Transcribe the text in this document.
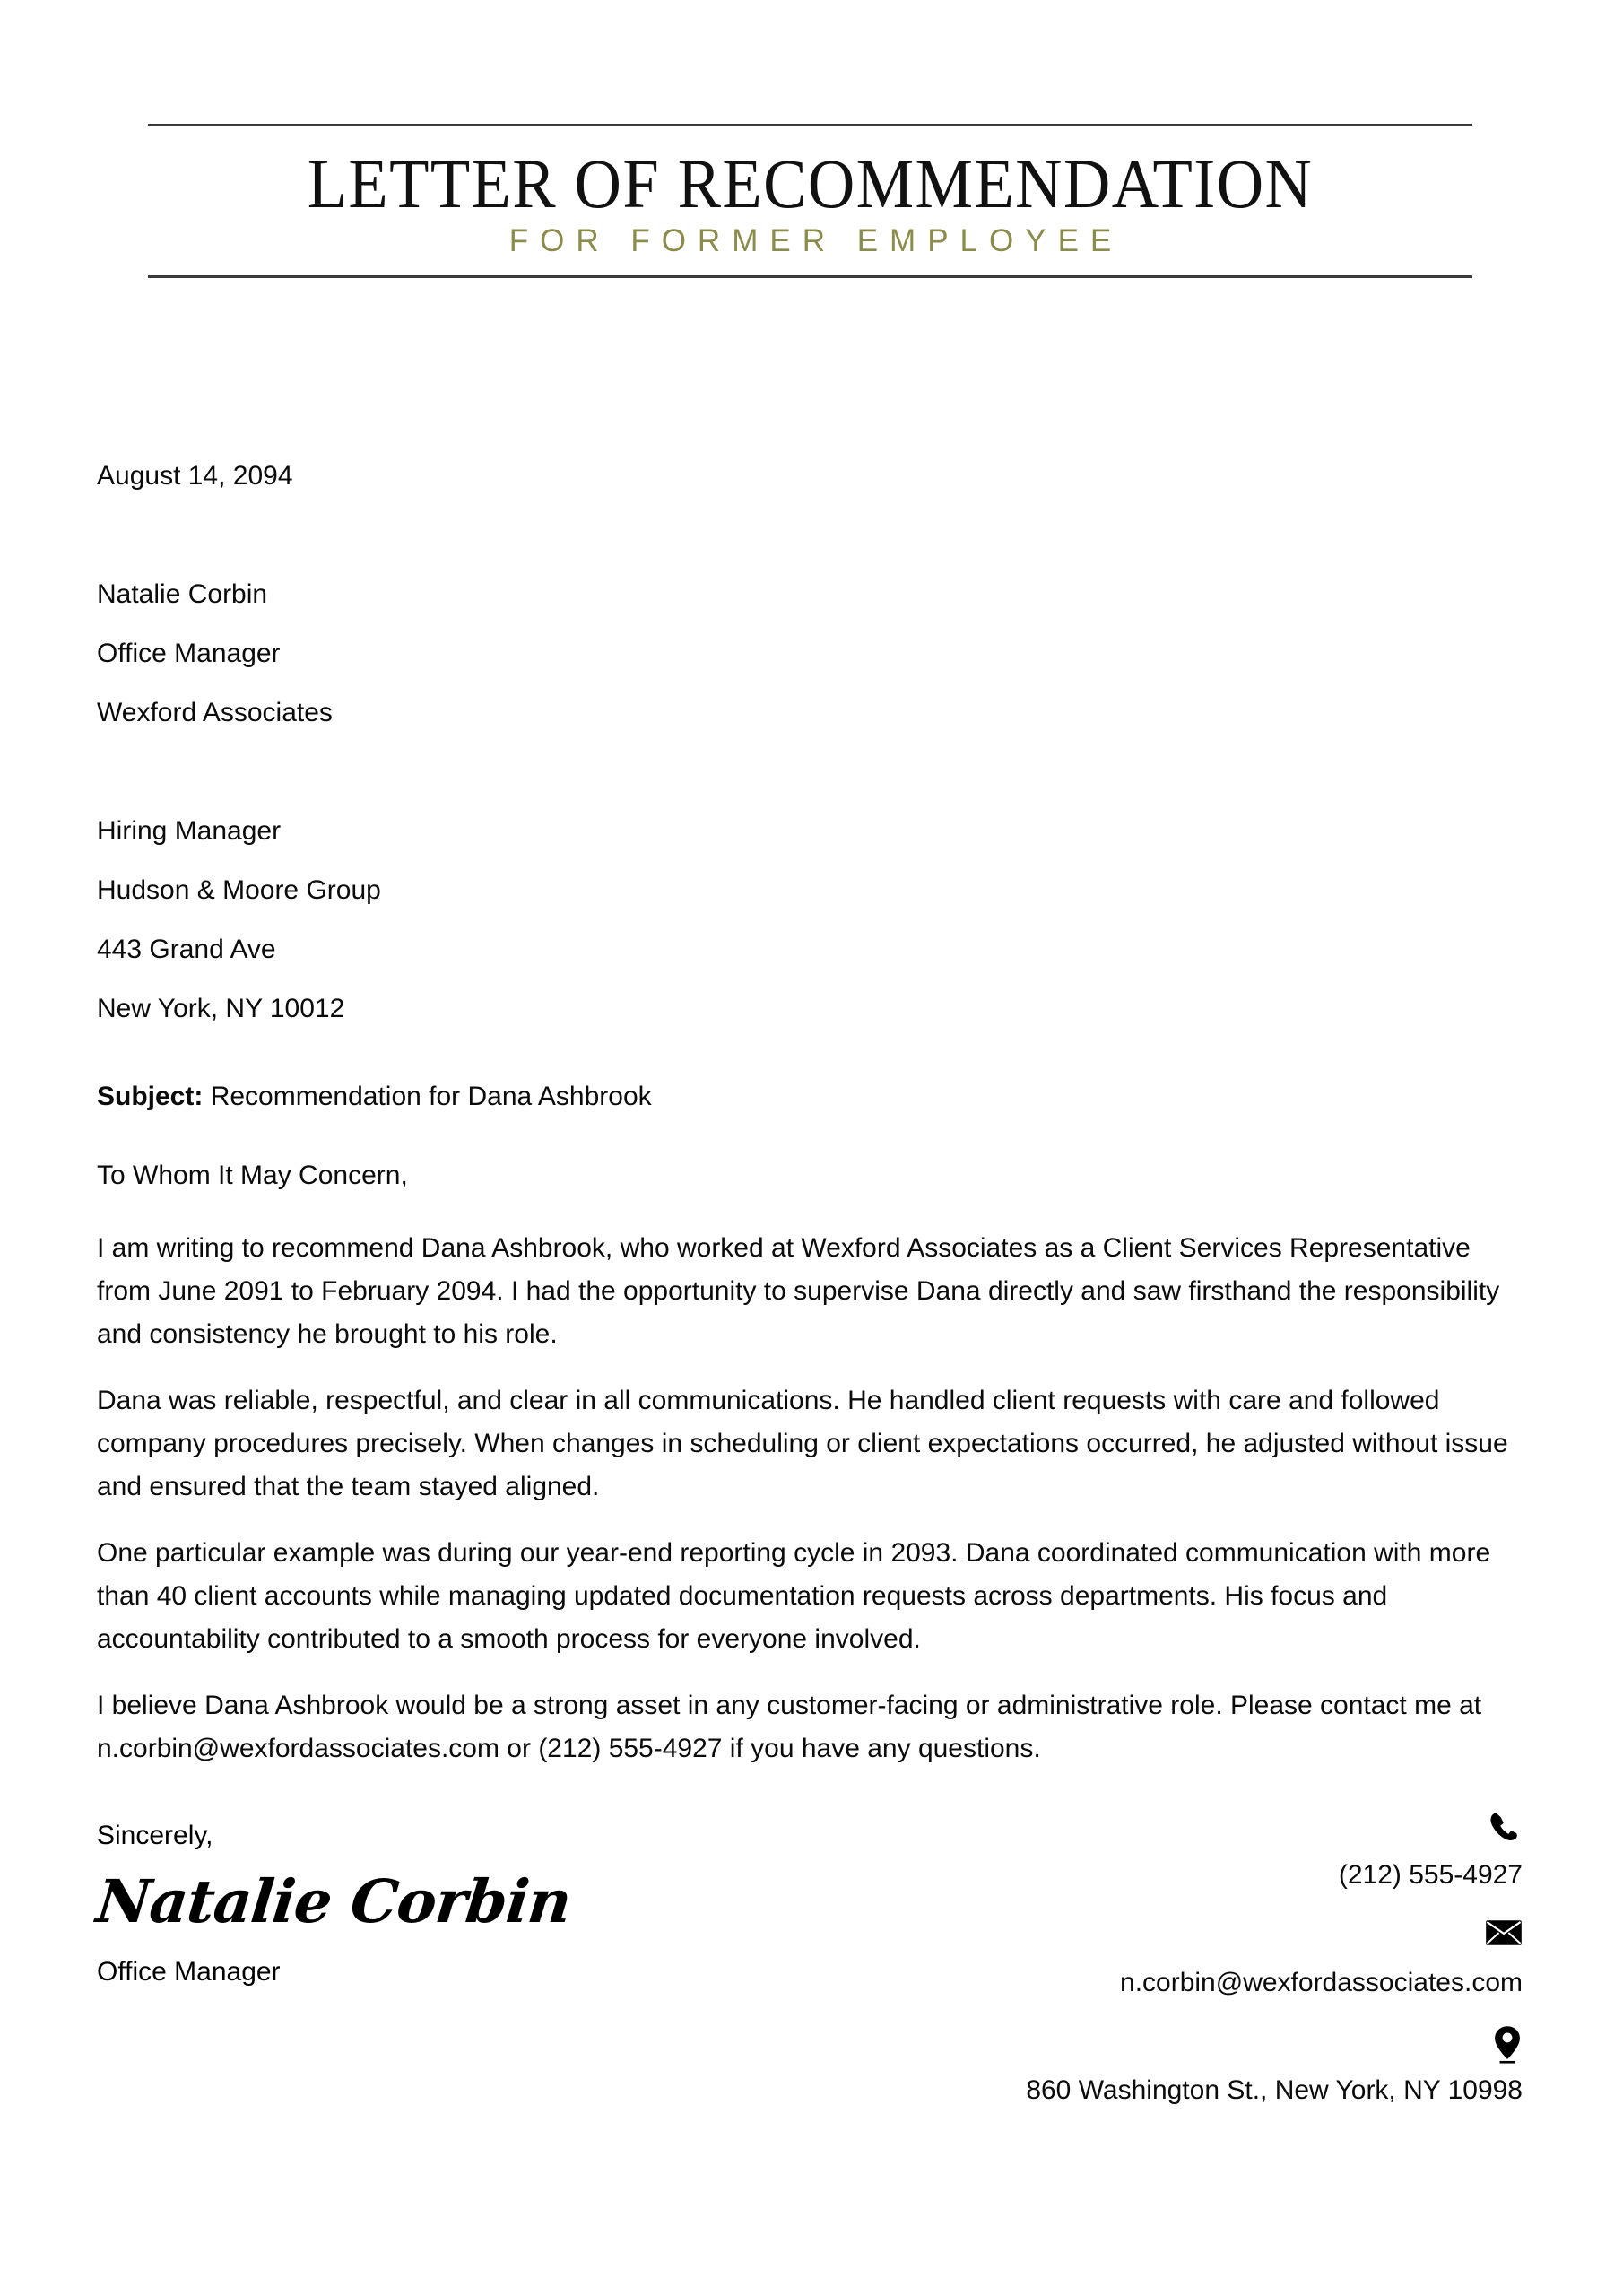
LETTER OF RECOMMENDATION
FOR FORMER EMPLOYEE
August 14, 2094
Natalie Corbin
Office Manager
Wexford Associates
Hiring Manager
Hudson & Moore Group
443 Grand Ave
New York, NY 10012
Subject: Recommendation for Dana Ashbrook
To Whom It May Concern,

I am writing to recommend Dana Ashbrook, who worked at Wexford Associates as a Client Services Representative from June 2091 to February 2094. I had the opportunity to supervise Dana directly and saw firsthand the responsibility and consistency he brought to his role.

Dana was reliable, respectful, and clear in all communications. He handled client requests with care and followed company procedures precisely. When changes in scheduling or client expectations occurred, he adjusted without issue and ensured that the team stayed aligned.

One particular example was during our year-end reporting cycle in 2093. Dana coordinated communication with more than 40 client accounts while managing updated documentation requests across departments. His focus and accountability contributed to a smooth process for everyone involved.

I believe Dana Ashbrook would be a strong asset in any customer-facing or administrative role. Please contact me at n.corbin@wexfordassociates.com or (212) 555-4927 if you have any questions.

Sincerely,
Natalie Corbin
Office Manager
(212) 555-4927
n.corbin@wexfordassociates.com
860 Washington St., New York, NY 10998
